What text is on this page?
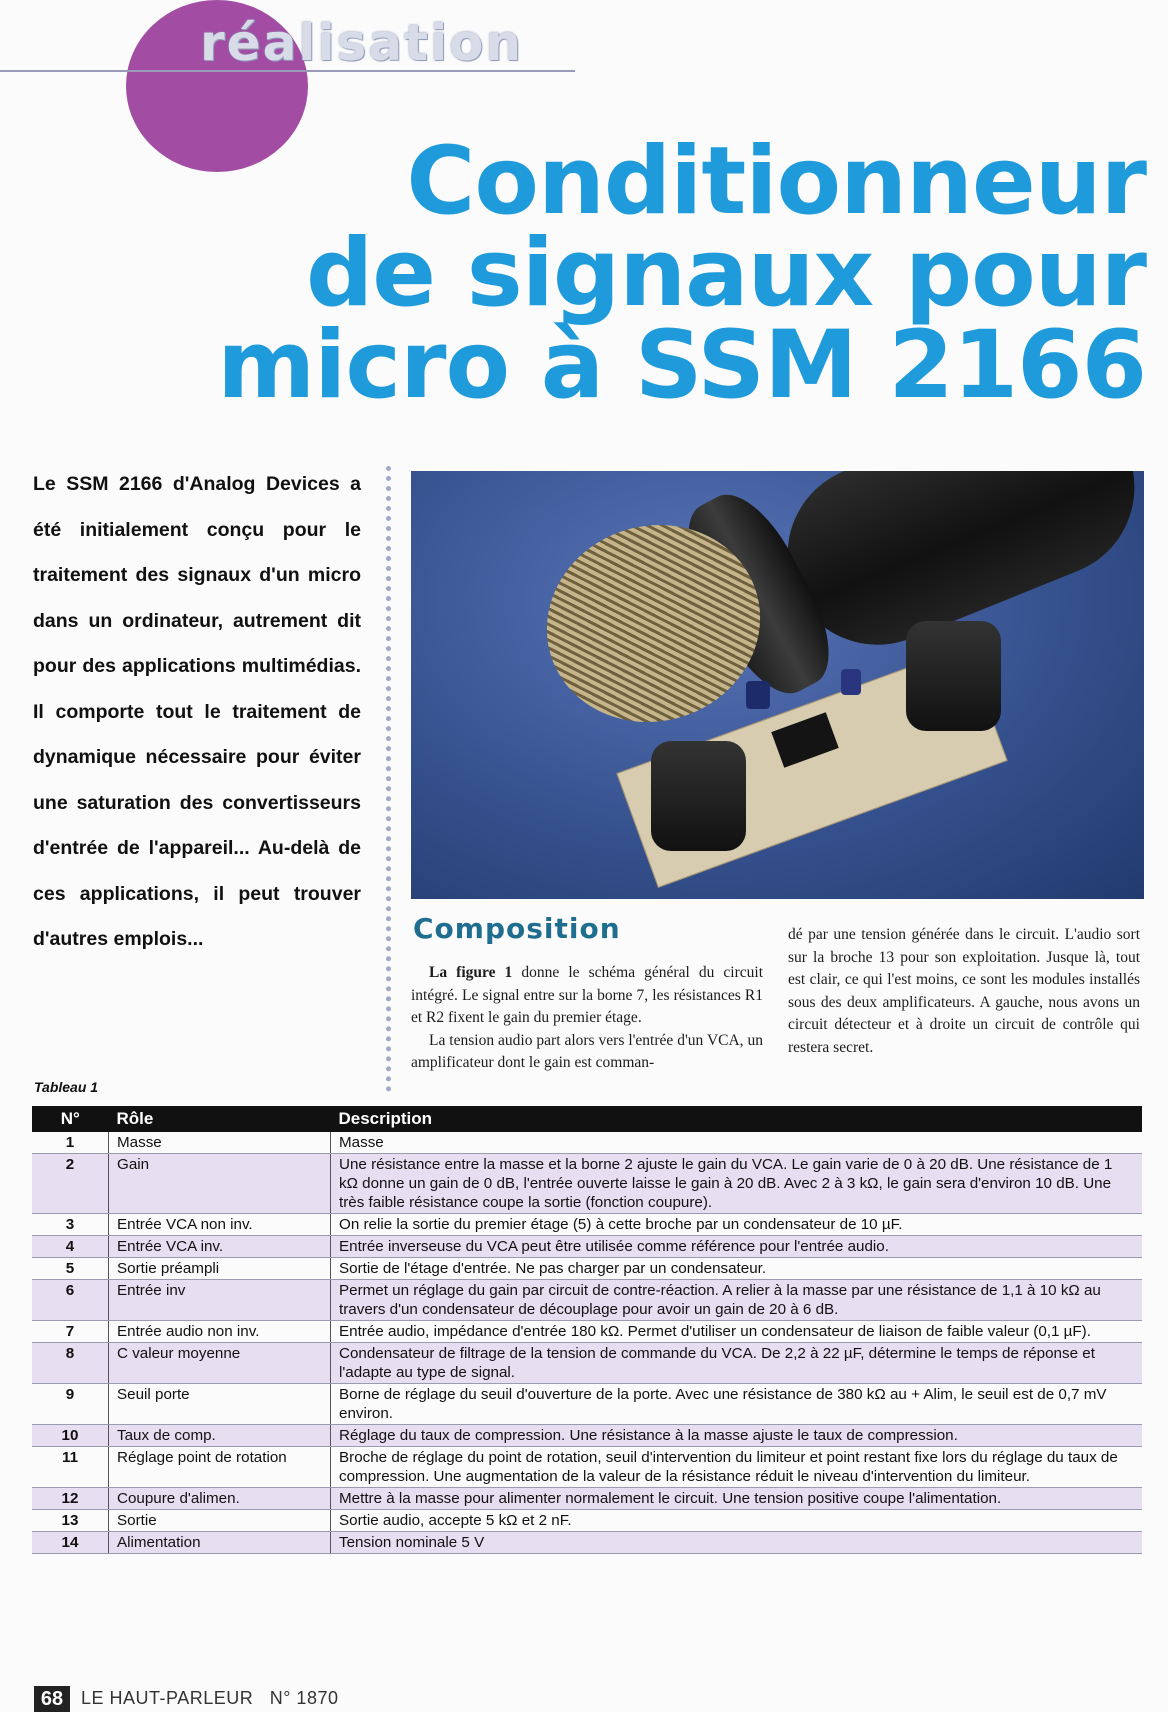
réalisation
Conditionneur
de signaux pour
micro à SSM 2166
Le SSM 2166 d'Analog Devices a été initialement conçu pour le traitement des signaux d'un micro dans un ordinateur, autrement dit pour des applications multimédias. Il comporte tout le traitement de dynamique nécessaire pour éviter une saturation des convertisseurs d'entrée de l'appareil... Au-delà de ces applications, il peut trouver d'autres emplois...	Composition
La figure 1 donne le schéma général du circuit intégré. Le signal entre sur la borne 7, les résistances R1 et R2 fixent le gain du premier étage.
La tension audio part alors vers l'entrée d'un VCA, un amplificateur dont le gain est comman-
dé par une tension générée dans le circuit. L'audio sort sur la broche 13 pour son exploitation. Jusque là, tout est clair, ce qui l'est moins, ce sont les modules installés sous des deux amplificateurs. A gauche, nous avons un circuit détecteur et à droite un circuit de contrôle qui restera secret.
Tableau 1
N°	Rôle	Description
1	Masse	Masse
2	Gain	Une résistance entre la masse et la borne 2 ajuste le gain du VCA. Le gain varie de 0 à 20 dB. Une résistance de 1 kΩ donne un gain de 0 dB, l'entrée ouverte laisse le gain à 20 dB. Avec 2 à 3 kΩ, le gain sera d'environ 10 dB. Une très faible résistance coupe la sortie (fonction coupure).
3	Entrée VCA non inv.	On relie la sortie du premier étage (5) à cette broche par un condensateur de 10 µF.
4	Entrée VCA inv.	Entrée inverseuse du VCA peut être utilisée comme référence pour l'entrée audio.
5	Sortie préampli	Sortie de l'étage d'entrée. Ne pas charger par un condensateur.
6	Entrée inv	Permet un réglage du gain par circuit de contre-réaction. A relier à la masse par une résistance de 1,1 à 10 kΩ au travers d'un condensateur de découplage pour avoir un gain de 20 à 6 dB.
7	Entrée audio non inv.	Entrée audio, impédance d'entrée 180 kΩ. Permet d'utiliser un condensateur de liaison de faible valeur (0,1 µF).
8	C valeur moyenne	Condensateur de filtrage de la tension de commande du VCA. De 2,2 à 22 µF, détermine le temps de réponse et l'adapte au type de signal.
9	Seuil porte	Borne de réglage du seuil d'ouverture de la porte. Avec une résistance de 380 kΩ au + Alim, le seuil est de 0,7 mV environ.
10	Taux de comp.	Réglage du taux de compression. Une résistance à la masse ajuste le taux de compression.
11	Réglage point de rotation	Broche de réglage du point de rotation, seuil d'intervention du limiteur et point restant fixe lors du réglage du taux de compression. Une augmentation de la valeur de la résistance réduit le niveau d'intervention du limiteur.
12	Coupure d'alimen.	Mettre à la masse pour alimenter normalement le circuit. Une tension positive coupe l'alimentation.
13	Sortie	Sortie audio, accepte 5 kΩ et 2 nF.
14	Alimentation	Tension nominale 5 V
68 LE HAUT-PARLEUR N° 1870
